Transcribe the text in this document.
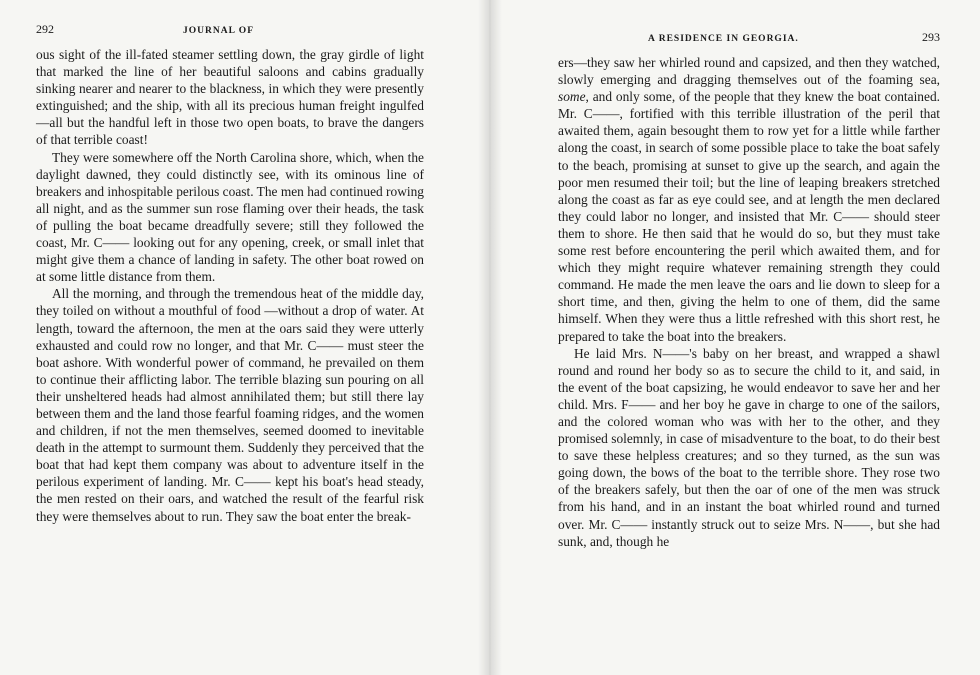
292	JOURNAL OF

ous sight of the ill-fated steamer settling down, the gray girdle of light that marked the line of her beautiful saloons and cabins gradually sinking nearer and nearer to the blackness, in which they were presently extinguished; and the ship, with all its precious human freight ingulfed —all but the handful left in those two open boats, to brave the dangers of that terrible coast!

They were somewhere off the North Carolina shore, which, when the daylight dawned, they could distinctly see, with its ominous line of breakers and inhospitable perilous coast. The men had continued rowing all night, and as the summer sun rose flaming over their heads, the task of pulling the boat became dreadfully severe; still they followed the coast, Mr. C—— looking out for any opening, creek, or small inlet that might give them a chance of landing in safety. The other boat rowed on at some little distance from them.

All the morning, and through the tremendous heat of the middle day, they toiled on without a mouthful of food —without a drop of water. At length, toward the afternoon, the men at the oars said they were utterly exhausted and could row no longer, and that Mr. C—— must steer the boat ashore. With wonderful power of command, he prevailed on them to continue their afflicting labor. The terrible blazing sun pouring on all their unsheltered heads had almost annihilated them; but still there lay between them and the land those fearful foaming ridges, and the women and children, if not the men themselves, seemed doomed to inevitable death in the attempt to surmount them. Suddenly they perceived that the boat that had kept them company was about to adventure itself in the perilous experiment of landing. Mr. C—— kept his boat's head steady, the men rested on their oars, and watched the result of the fearful risk they were themselves about to run. They saw the boat enter the break-

A RESIDENCE IN GEORGIA.	293

ers—they saw her whirled round and capsized, and then they watched, slowly emerging and dragging themselves out of the foaming sea, some, and only some, of the people that they knew the boat contained. Mr. C——, fortified with this terrible illustration of the peril that awaited them, again besought them to row yet for a little while farther along the coast, in search of some possible place to take the boat safely to the beach, promising at sunset to give up the search, and again the poor men resumed their toil; but the line of leaping breakers stretched along the coast as far as eye could see, and at length the men declared they could labor no longer, and insisted that Mr. C—— should steer them to shore. He then said that he would do so, but they must take some rest before encountering the peril which awaited them, and for which they might require whatever remaining strength they could command. He made the men leave the oars and lie down to sleep for a short time, and then, giving the helm to one of them, did the same himself. When they were thus a little refreshed with this short rest, he prepared to take the boat into the breakers.

He laid Mrs. N——'s baby on her breast, and wrapped a shawl round and round her body so as to secure the child to it, and said, in the event of the boat capsizing, he would endeavor to save her and her child. Mrs. F—— and her boy he gave in charge to one of the sailors, and the colored woman who was with her to the other, and they promised solemnly, in case of misadventure to the boat, to do their best to save these helpless creatures; and so they turned, as the sun was going down, the bows of the boat to the terrible shore. They rose two of the breakers safely, but then the oar of one of the men was struck from his hand, and in an instant the boat whirled round and turned over. Mr. C—— instantly struck out to seize Mrs. N——, but she had sunk, and, though he
